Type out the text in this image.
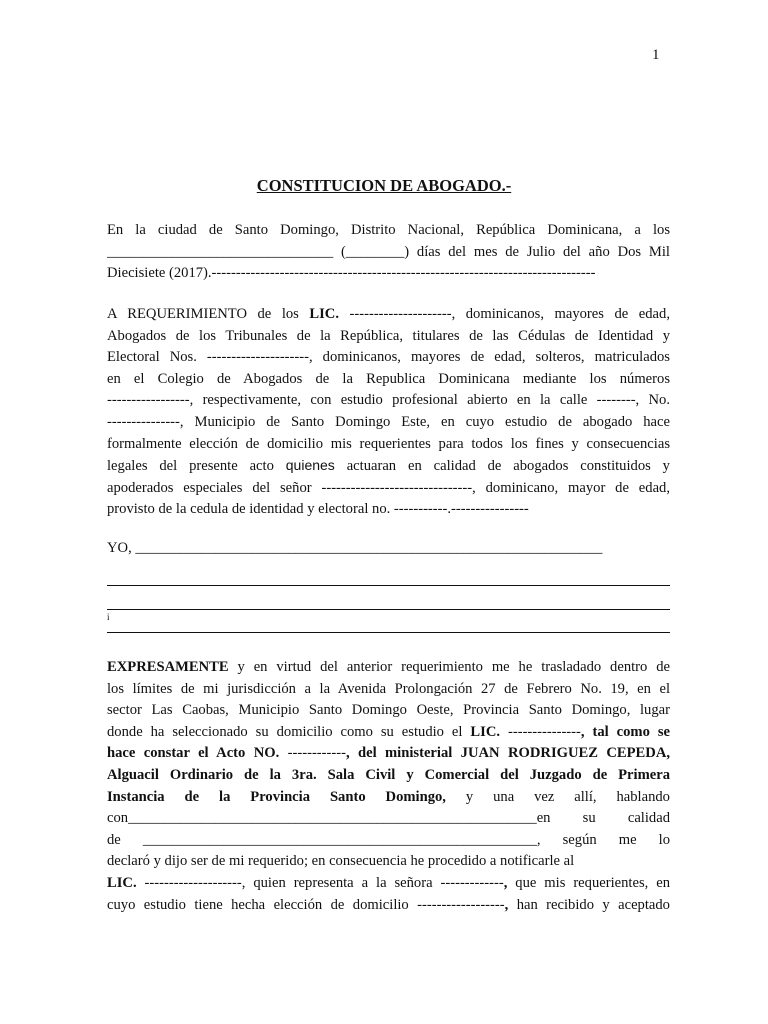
1
CONSTITUCION DE ABOGADO.-
En la ciudad de Santo Domingo, Distrito Nacional, República Dominicana, a los
_______________________________ (________) días del mes de Julio del año Dos Mil
Diecisiete (2017).-------------------------------------------------------------------------------
A REQUERIMIENTO de los LIC. ---------------------, dominicanos, mayores de edad,
Abogados de los Tribunales de la República, titulares de las Cédulas de Identidad y
Electoral Nos. ---------------------, dominicanos, mayores de edad, solteros, matriculados
en el Colegio de Abogados de la Republica Dominicana mediante los números
-----------------, respectivamente, con estudio profesional abierto en la calle --------, No.
---------------, Municipio de Santo Domingo Este, en cuyo estudio de abogado hace
formalmente elección de domicilio mis requerientes para todos los fines y consecuencias
legales del presente acto quienes actuaran en calidad de abogados constituidos y
apoderados especiales del señor -------------------------------, dominicano, mayor de edad,
provisto de la cedula de identidad y electoral no. -----------.----------------
YO, ________________________________________________________________
i
EXPRESAMENTE y en virtud del anterior requerimiento me he trasladado dentro de
los límites de mi jurisdicción a la Avenida Prolongación 27 de Febrero No. 19, en el
sector Las Caobas, Municipio Santo Domingo Oeste, Provincia Santo Domingo, lugar
donde ha seleccionado su domicilio como su estudio el LIC. ---------------, tal como se
hace constar el Acto NO. ------------, del ministerial JUAN RODRIGUEZ CEPEDA,
Alguacil Ordinario de la 3ra. Sala Civil y Comercial del Juzgado de Primera
Instancia de la Provincia Santo Domingo, y una vez allí, hablando
con________________________________________________________en su calidad
de ______________________________________________________, según me lo
declaró y dijo ser de mi requerido; en consecuencia he procedido a notificarle al
LIC. --------------------, quien representa a la señora -------------, que mis requerientes, en
cuyo estudio tiene hecha elección de domicilio ------------------, han recibido y aceptado
